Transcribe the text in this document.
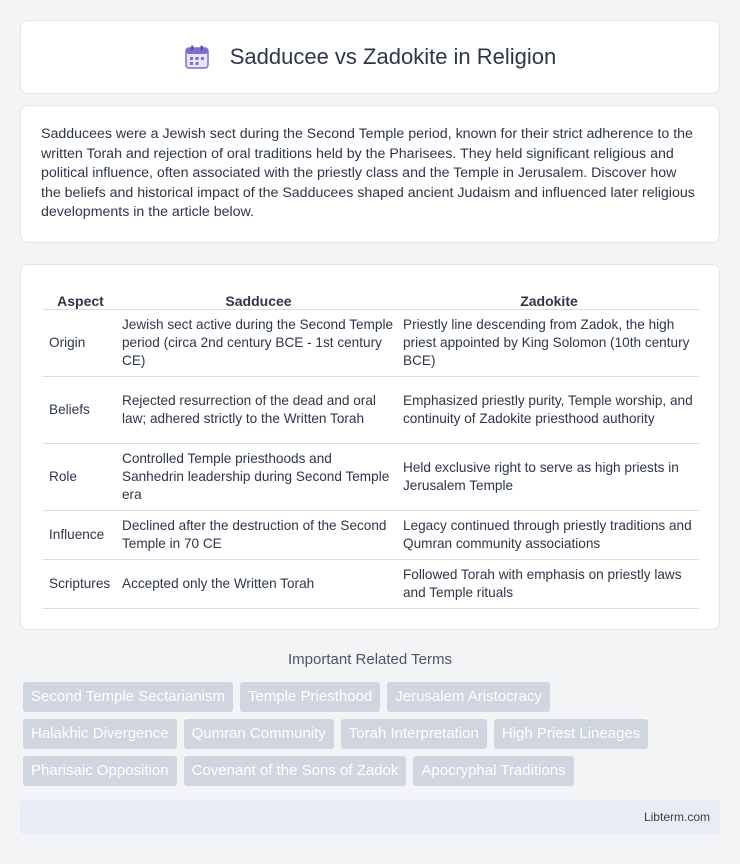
Sadducee vs Zadokite in Religion

Sadducees were a Jewish sect during the Second Temple period, known for their strict adherence to the written Torah and rejection of oral traditions held by the Pharisees. They held significant religious and political influence, often associated with the priestly class and the Temple in Jerusalem. Discover how the beliefs and historical impact of the Sadducees shaped ancient Judaism and influenced later religious developments in the article below.

Aspect	Sadducee	Zadokite
Origin	Jewish sect active during the Second Temple period (circa 2nd century BCE - 1st century CE)	Priestly line descending from Zadok, the high priest appointed by King Solomon (10th century BCE)
Beliefs	Rejected resurrection of the dead and oral law; adhered strictly to the Written Torah	Emphasized priestly purity, Temple worship, and continuity of Zadokite priesthood authority
Role	Controlled Temple priesthoods and Sanhedrin leadership during Second Temple era	Held exclusive right to serve as high priests in Jerusalem Temple
Influence	Declined after the destruction of the Second Temple in 70 CE	Legacy continued through priestly traditions and Qumran community associations
Scriptures	Accepted only the Written Torah	Followed Torah with emphasis on priestly laws and Temple rituals
Important Related Terms
Second Temple Sectarianism	Temple Priesthood	Jerusalem Aristocracy
Halakhic Divergence	Qumran Community	Torah Interpretation	High Priest Lineages
Pharisaic Opposition	Covenant of the Sons of Zadok	Apocryphal Traditions
Libterm.com
